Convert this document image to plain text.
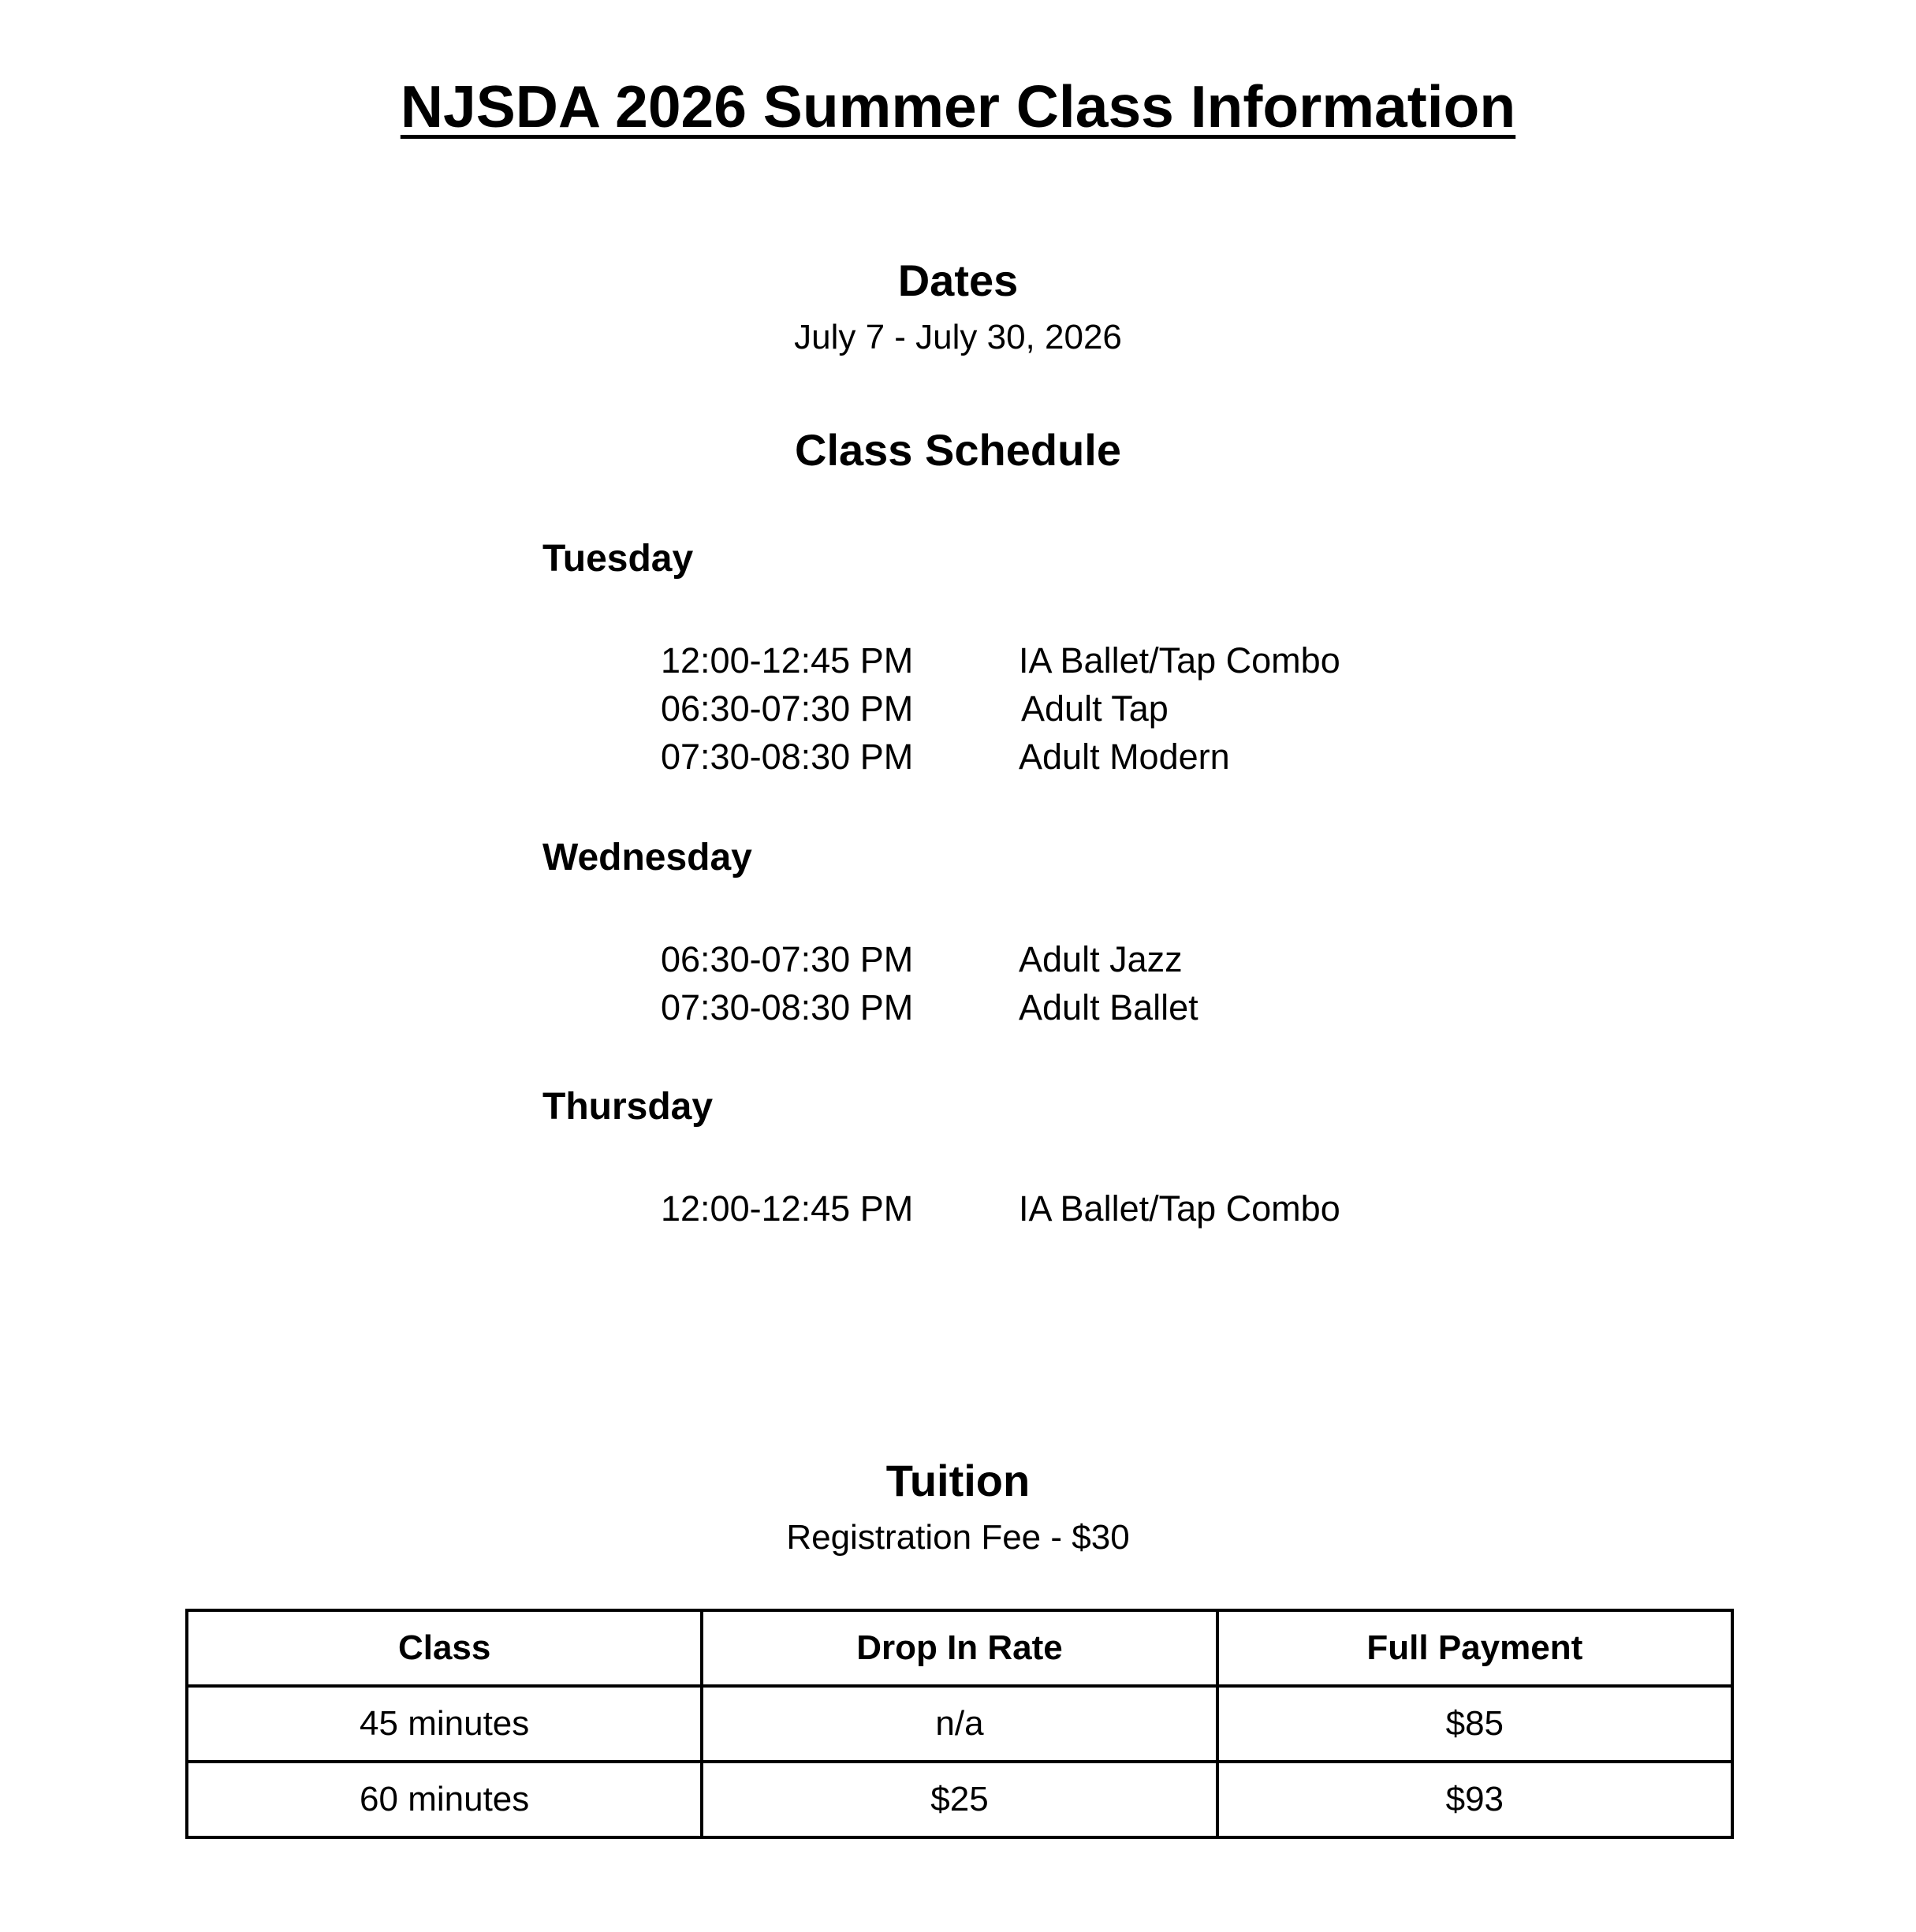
NJSDA 2026 Summer Class Information
Dates

July 7 - July 30, 2026

Class Schedule
Tuesday
12:00-12:45 PM	IA Ballet/Tap Combo
06:30-07:30 PM	Adult Tap
07:30-08:30 PM	Adult Modern
Wednesday
06:30-07:30 PM	Adult Jazz
07:30-08:30 PM	Adult Ballet
Thursday
12:00-12:45 PM	IA Ballet/Tap Combo
Tuition

Registration Fee - $30

Class	Drop In Rate	Full Payment
45 minutes	n/a	$85
60 minutes	$25	$93
